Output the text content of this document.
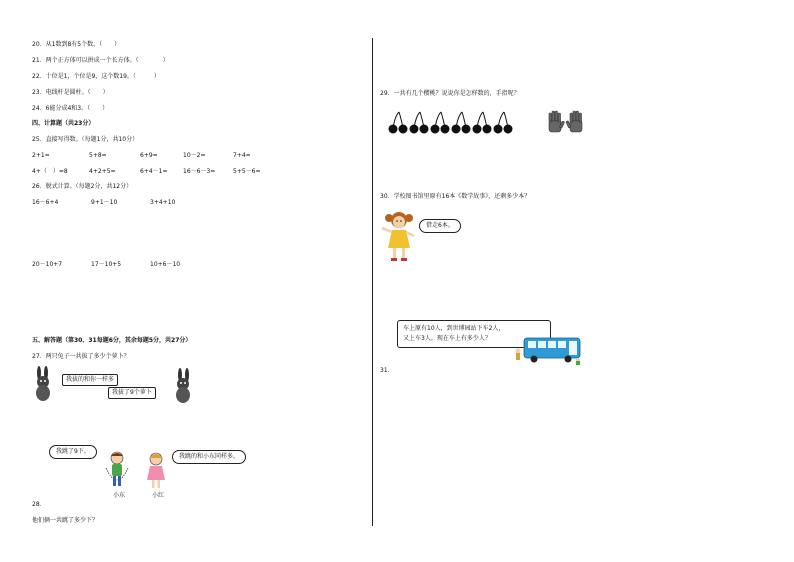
20．从1数到8有5个数。（　　）
21．两个正方体可以拼成一个长方体。（　　　　）
22．十位是1，个位是9，这个数19。（　　　）
23．电线杆是圆柱。（　　）
24．6能分成4和3。（　　）
四、计算题（共23分）
25．直接写得数。（每题1分，共10分）
2+1=	5+8=	6+9=	10－2=	7+4=
4+（　）=8	4+2+5=	6+4－1=	16－6－3=	5+5－6=
26．脱式计算。（每题2分，共12分）
16－6+4	9+1－10	3+4+10
20－10+7	17－10+5	10+6－10
五、解答题（第30、31每题6分，其余每题5分，共27分）
27．两只兔子一共拔了多少个萝卜？
我拔的和你一样多
我拔了9个萝卜
我跳了9下。
我跳的和小东同样多。
小东	小红
28．
他们俩一共跳了多少下？
29．一共有几个樱桃？说说你是怎样数的，手指呢？
30．学校图书馆里原有16本《数学故事》，还剩多少本？
借走6本。
车上原有10人，到世博园站下车2人，
又上车3人。现在车上有多少人？
31．
